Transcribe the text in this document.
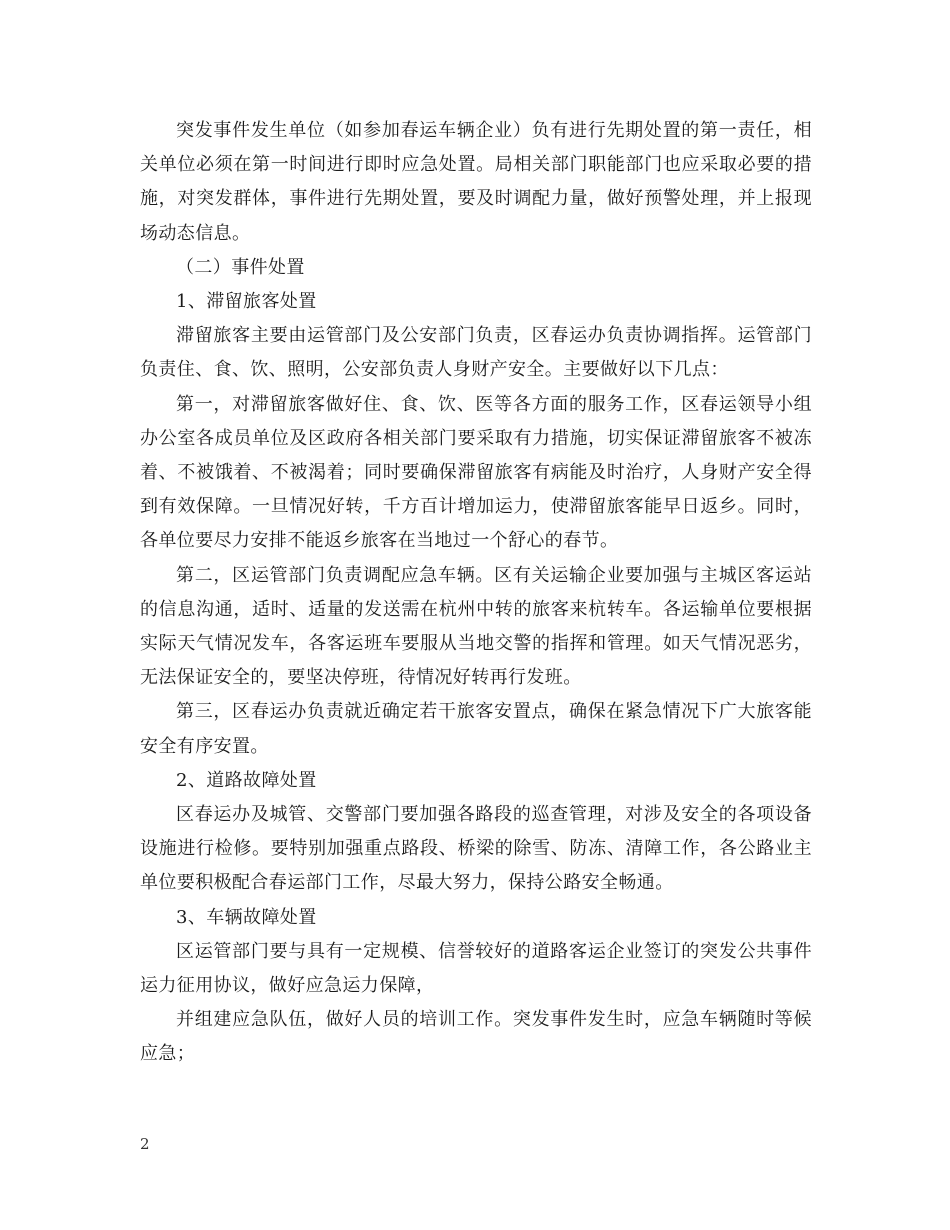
突发事件发生单位（如参加春运车辆企业）负有进行先期处置的第一责任，相关单位必须在第一时间进行即时应急处置。局相关部门职能部门也应采取必要的措施，对突发群体，事件进行先期处置，要及时调配力量，做好预警处理，并上报现场动态信息。

（二）事件处置

1、滞留旅客处置

滞留旅客主要由运管部门及公安部门负责，区春运办负责协调指挥。运管部门负责住、食、饮、照明，公安部负责人身财产安全。主要做好以下几点：

第一，对滞留旅客做好住、食、饮、医等各方面的服务工作，区春运领导小组办公室各成员单位及区政府各相关部门要采取有力措施，切实保证滞留旅客不被冻着、不被饿着、不被渴着；同时要确保滞留旅客有病能及时治疗，人身财产安全得到有效保障。一旦情况好转，千方百计增加运力，使滞留旅客能早日返乡。同时，各单位要尽力安排不能返乡旅客在当地过一个舒心的春节。

第二，区运管部门负责调配应急车辆。区有关运输企业要加强与主城区客运站的信息沟通，适时、适量的发送需在杭州中转的旅客来杭转车。各运输单位要根据实际天气情况发车，各客运班车要服从当地交警的指挥和管理。如天气情况恶劣，无法保证安全的，要坚决停班，待情况好转再行发班。

第三，区春运办负责就近确定若干旅客安置点，确保在紧急情况下广大旅客能安全有序安置。

2、道路故障处置

区春运办及城管、交警部门要加强各路段的巡查管理，对涉及安全的各项设备设施进行检修。要特别加强重点路段、桥梁的除雪、防冻、清障工作，各公路业主单位要积极配合春运部门工作，尽最大努力，保持公路安全畅通。

3、车辆故障处置

区运管部门要与具有一定规模、信誉较好的道路客运企业签订的突发公共事件运力征用协议，做好应急运力保障，

并组建应急队伍，做好人员的培训工作。突发事件发生时，应急车辆随时等候应急；

2
